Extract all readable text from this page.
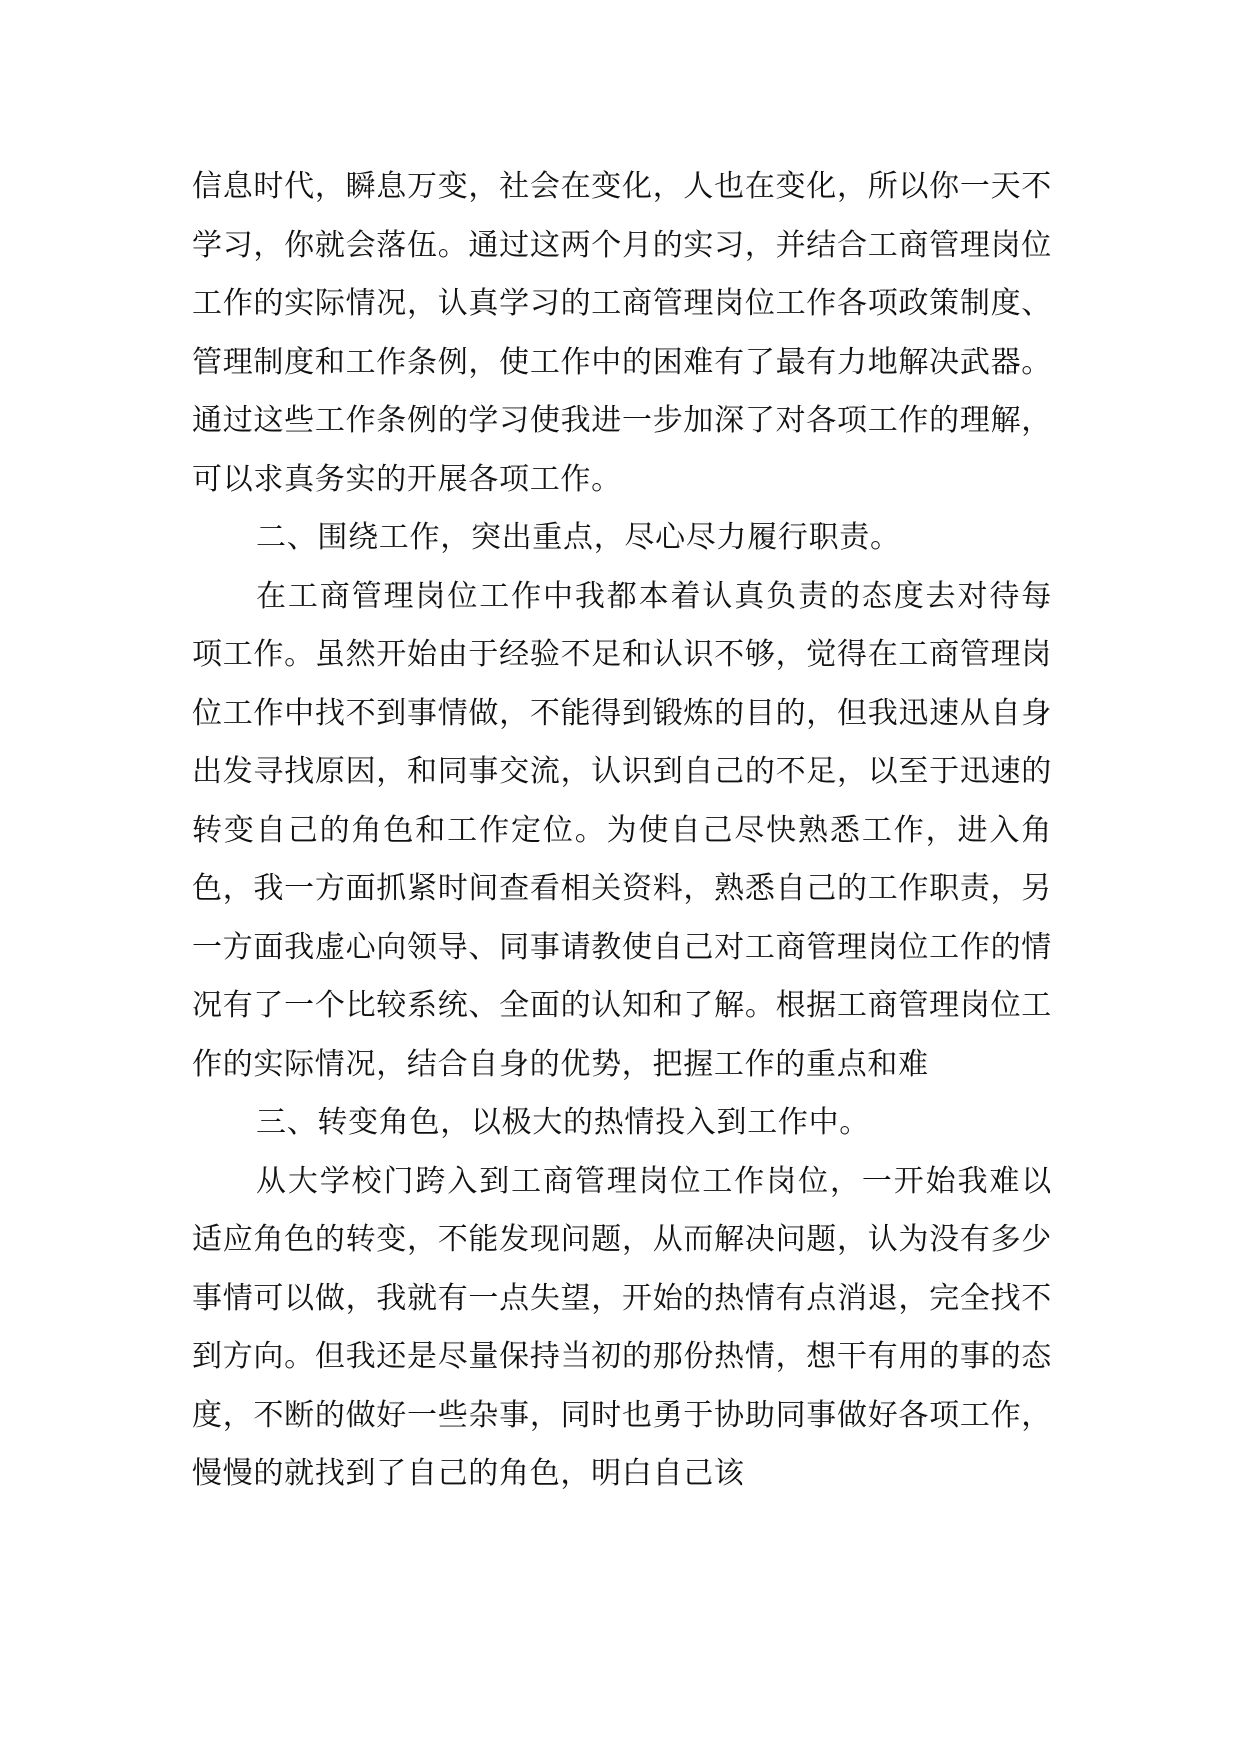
信息时代，瞬息万变，社会在变化，人也在变化，所以你一天不学习，你就会落伍。通过这两个月的实习，并结合工商管理岗位工作的实际情况，认真学习的工商管理岗位工作各项政策制度、管理制度和工作条例，使工作中的困难有了最有力地解决武器。通过这些工作条例的学习使我进一步加深了对各项工作的理解，可以求真务实的开展各项工作。

二、围绕工作，突出重点，尽心尽力履行职责。

在工商管理岗位工作中我都本着认真负责的态度去对待每项工作。虽然开始由于经验不足和认识不够，觉得在工商管理岗位工作中找不到事情做，不能得到锻炼的目的，但我迅速从自身出发寻找原因，和同事交流，认识到自己的不足，以至于迅速的转变自己的角色和工作定位。为使自己尽快熟悉工作，进入角色，我一方面抓紧时间查看相关资料，熟悉自己的工作职责，另一方面我虚心向领导、同事请教使自己对工商管理岗位工作的情况有了一个比较系统、全面的认知和了解。根据工商管理岗位工作的实际情况，结合自身的优势，把握工作的重点和难

三、转变角色，以极大的热情投入到工作中。

从大学校门跨入到工商管理岗位工作岗位，一开始我难以适应角色的转变，不能发现问题，从而解决问题，认为没有多少事情可以做，我就有一点失望，开始的热情有点消退，完全找不到方向。但我还是尽量保持当初的那份热情，想干有用的事的态度，不断的做好一些杂事，同时也勇于协助同事做好各项工作，慢慢的就找到了自己的角色，明白自己该
